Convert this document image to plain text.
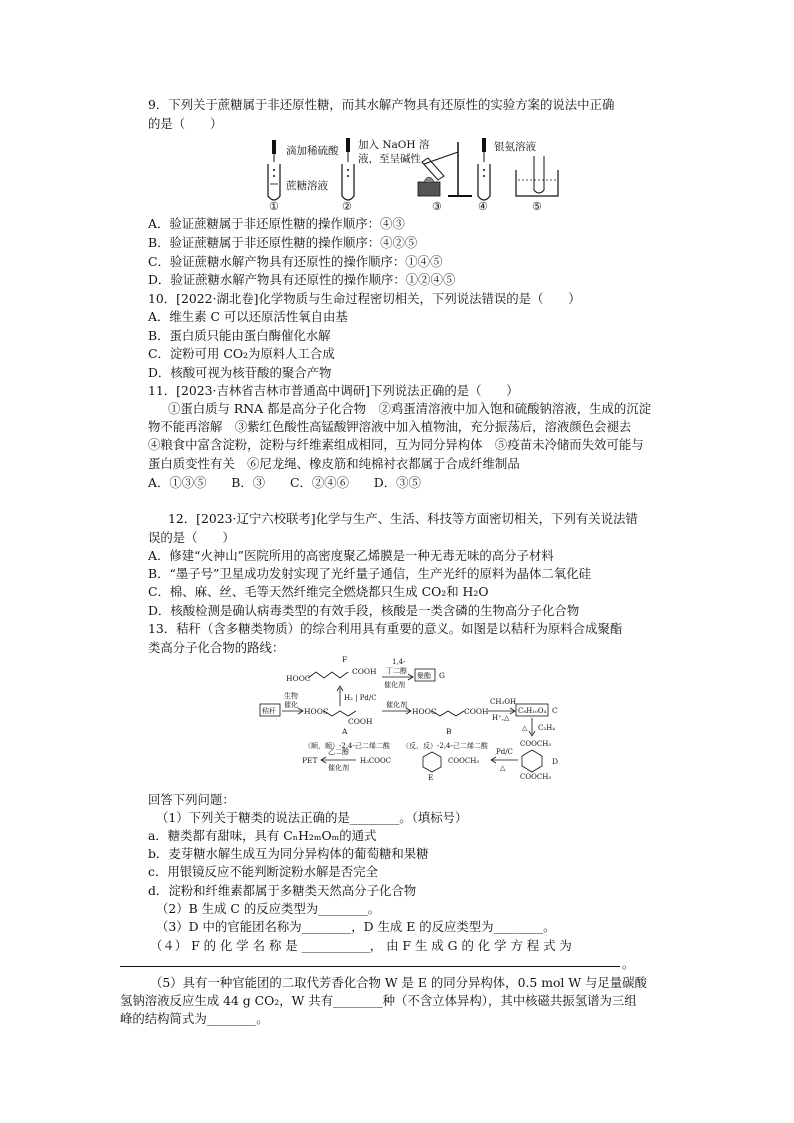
9．下列关于蔗糖属于非还原性糖，而其水解产物具有还原性的实验方案的说法中正确
的是（　　）
滴加稀硫酸
蔗糖溶液
①
加入 NaOH 溶
液，至呈碱性
②	③
银氨溶液
④	⑤
A．验证蔗糖属于非还原性糖的操作顺序：④③
B．验证蔗糖属于非还原性糖的操作顺序：④②⑤
C．验证蔗糖水解产物具有还原性的操作顺序：①④⑤
D．验证蔗糖水解产物具有还原性的操作顺序：①②④⑤
10．[2022·湖北卷]化学物质与生命过程密切相关，下列说法错误的是（　　）
A．维生素 C 可以还原活性氧自由基
B．蛋白质只能由蛋白酶催化水解
C．淀粉可用 CO₂为原料人工合成
D．核酸可视为核苷酸的聚合产物
11．[2023·吉林省吉林市普通高中调研]下列说法正确的是（　　）
①蛋白质与 RNA 都是高分子化合物　②鸡蛋清溶液中加入饱和硫酸钠溶液，生成的沉淀
物不能再溶解　③紫红色酸性高锰酸钾溶液中加入植物油，充分振荡后，溶液颜色会褪去
④粮食中富含淀粉，淀粉与纤维素组成相同，互为同分异构体　⑤疫苗未冷储而失效可能与
蛋白质变性有关　⑥尼龙绳、橡皮筋和纯棉衬衣都属于合成纤维制品
A．①③⑤　　B．③　　C．②④⑥　　D．③⑤
12．[2023·辽宁六校联考]化学与生产、生活、科技等方面密切相关，下列有关说法错
误的是（　　）
A．修建“火神山”医院所用的高密度聚乙烯膜是一种无毒无味的高分子材料
B．“墨子号”卫星成功发射实现了光纤量子通信，生产光纤的原料为晶体二氧化硅
C．棉、麻、丝、毛等天然纤维完全燃烧都只生成 CO₂和 H₂O
D．核酸检测是确认病毒类型的有效手段，核酸是一类含磷的生物高分子化合物
13．秸秆（含多糖类物质）的综合利用具有重要的意义。如图是以秸秆为原料合成聚酯
类高分子化合物的路线：
HOOC
F
COOH
1,4-
丁二醇
催化剂
聚酯 G
H₂ | Pd/C
秸秆
生物
催化
HOOC
COOH
A
（顺，顺）-2,4-己二烯二酸
催化剂
HOOC	COOH
B
（反，反）-2,4-己二烯二酸
CH₃OH
H⁺,△
C₈H₁₀O₄ C
△ C₂H₄
COOCH₃
COOCH₃
D
Pd/C
△
H₃COOC	COOCH₃
E
乙二醇
催化剂
PET
回答下列问题：
（1）下列关于糖类的说法正确的是________。（填标号）
a．糖类都有甜味，具有 CₙH₂ₘOₘ的通式
b．麦芽糖水解生成互为同分异构体的葡萄糖和果糖
c．用银镜反应不能判断淀粉水解是否完全
d．淀粉和纤维素都属于多糖类天然高分子化合物
（2）B 生成 C 的反应类型为________。
（3）D 中的官能团名称为________，D 生成 E 的反应类型为________。
（４） F 的 化 学 名 称 是 ___________， 由 F 生 成 G 的 化 学 方 程 式 为
。
（5）具有一种官能团的二取代芳香化合物 W 是 E 的同分异构体，0.5 mol W 与足量碳酸
氢钠溶液反应生成 44 g CO₂，W 共有________种（不含立体异构），其中核磁共振氢谱为三组
峰的结构简式为________。
